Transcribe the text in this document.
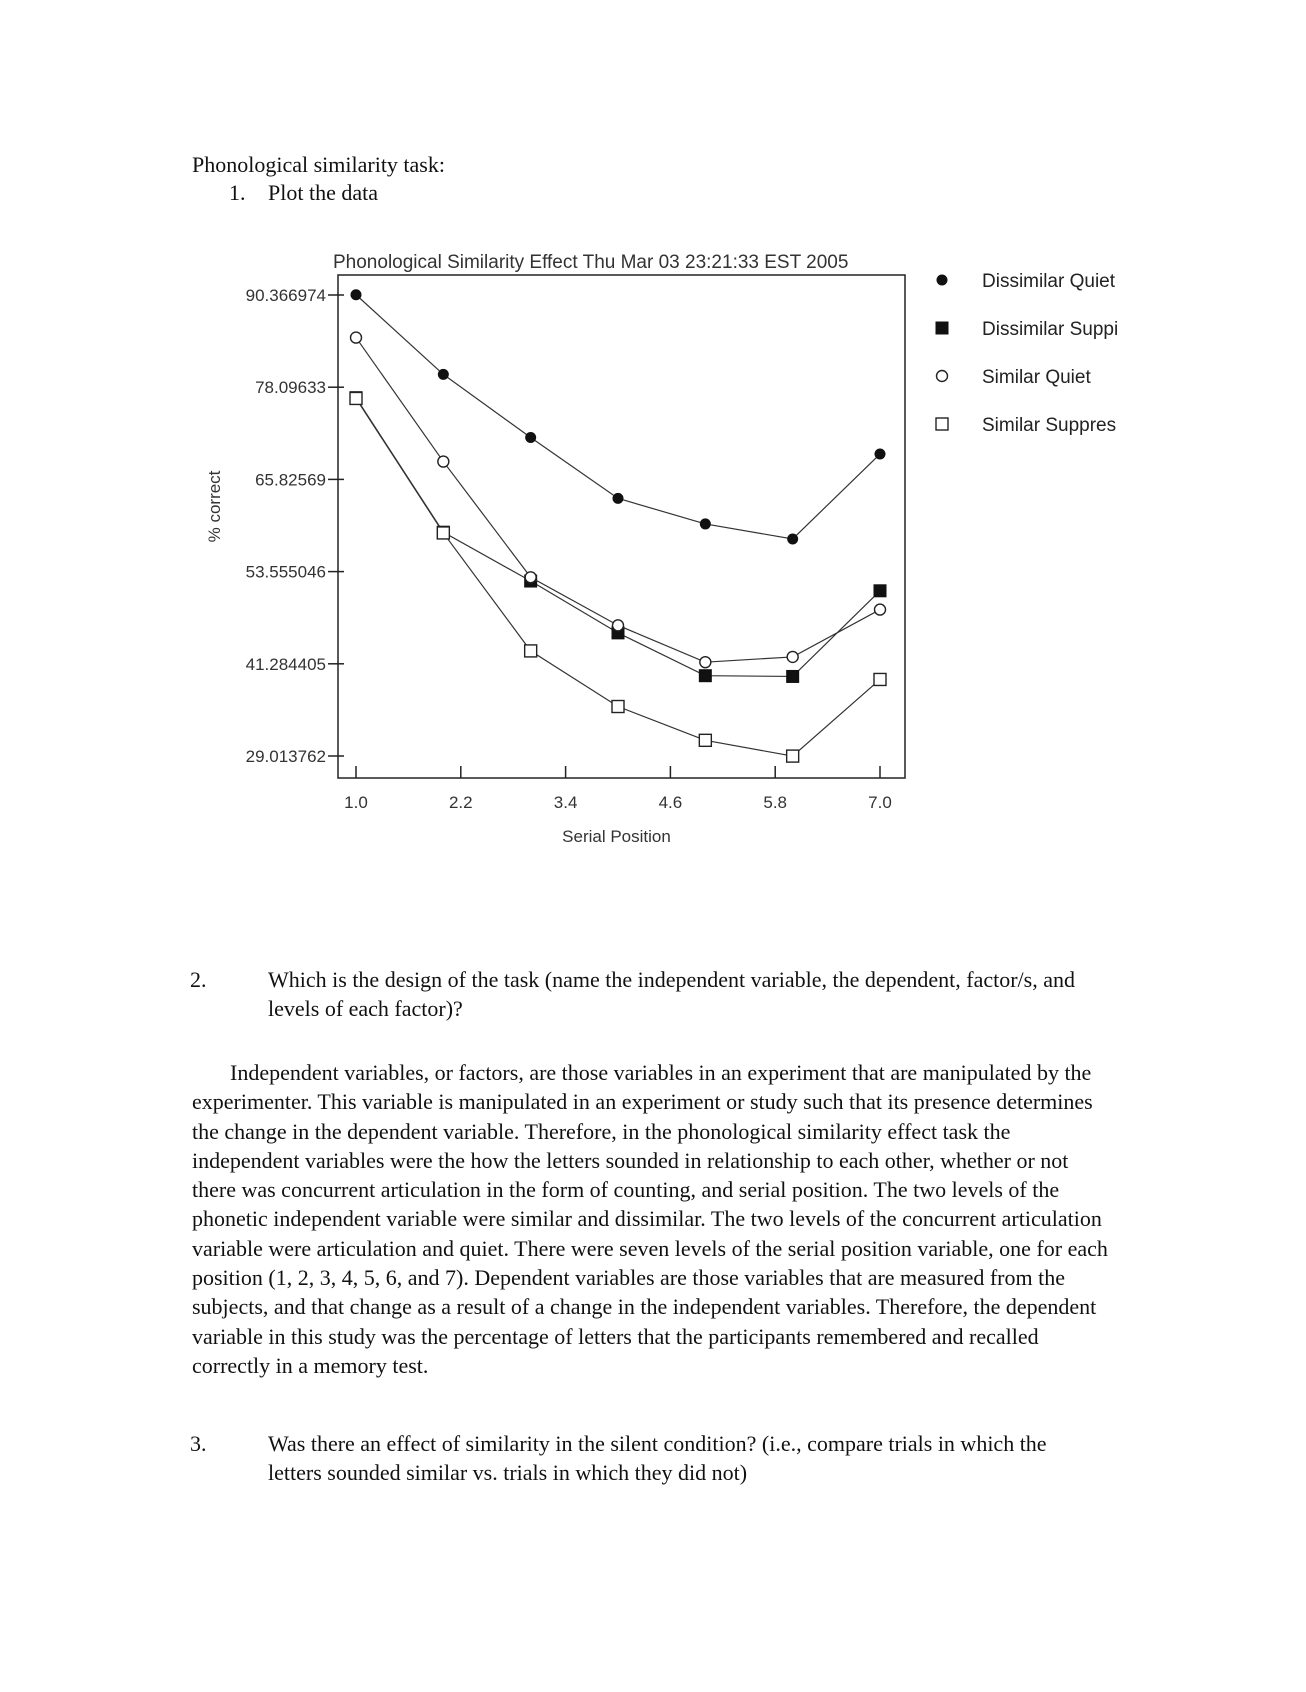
Phonological similarity task:
1. Plot the data
Phonological Similarity Effect Thu Mar 03 23:21:33 EST 2005
29.013762
41.284405
53.555046
65.82569
78.09633
90.366974
1.0	2.2	3.4	4.6	5.8	7.0
Serial Position
% correct
Dissimilar Quiet
Dissimilar Suppi
Similar Quiet
Similar Suppres
2.	Which is the design of the task (name the independent variable, the dependent, factor/s, and levels of each factor)?

Independent variables, or factors, are those variables in an experiment that are manipulated by the experimenter. This variable is manipulated in an experiment or study such that its presence determines the change in the dependent variable. Therefore, in the phonological similarity effect task the independent variables were the how the letters sounded in relationship to each other, whether or not there was concurrent articulation in the form of counting, and serial position. The two levels of the phonetic independent variable were similar and dissimilar. The two levels of the concurrent articulation variable were articulation and quiet. There were seven levels of the serial position variable, one for each position (1, 2, 3, 4, 5, 6, and 7). Dependent variables are those variables that are measured from the subjects, and that change as a result of a change in the independent variables. Therefore, the dependent variable in this study was the percentage of letters that the participants remembered and recalled correctly in a memory test.

3.	Was there an effect of similarity in the silent condition? (i.e., compare trials in which the letters sounded similar vs. trials in which they did not)
